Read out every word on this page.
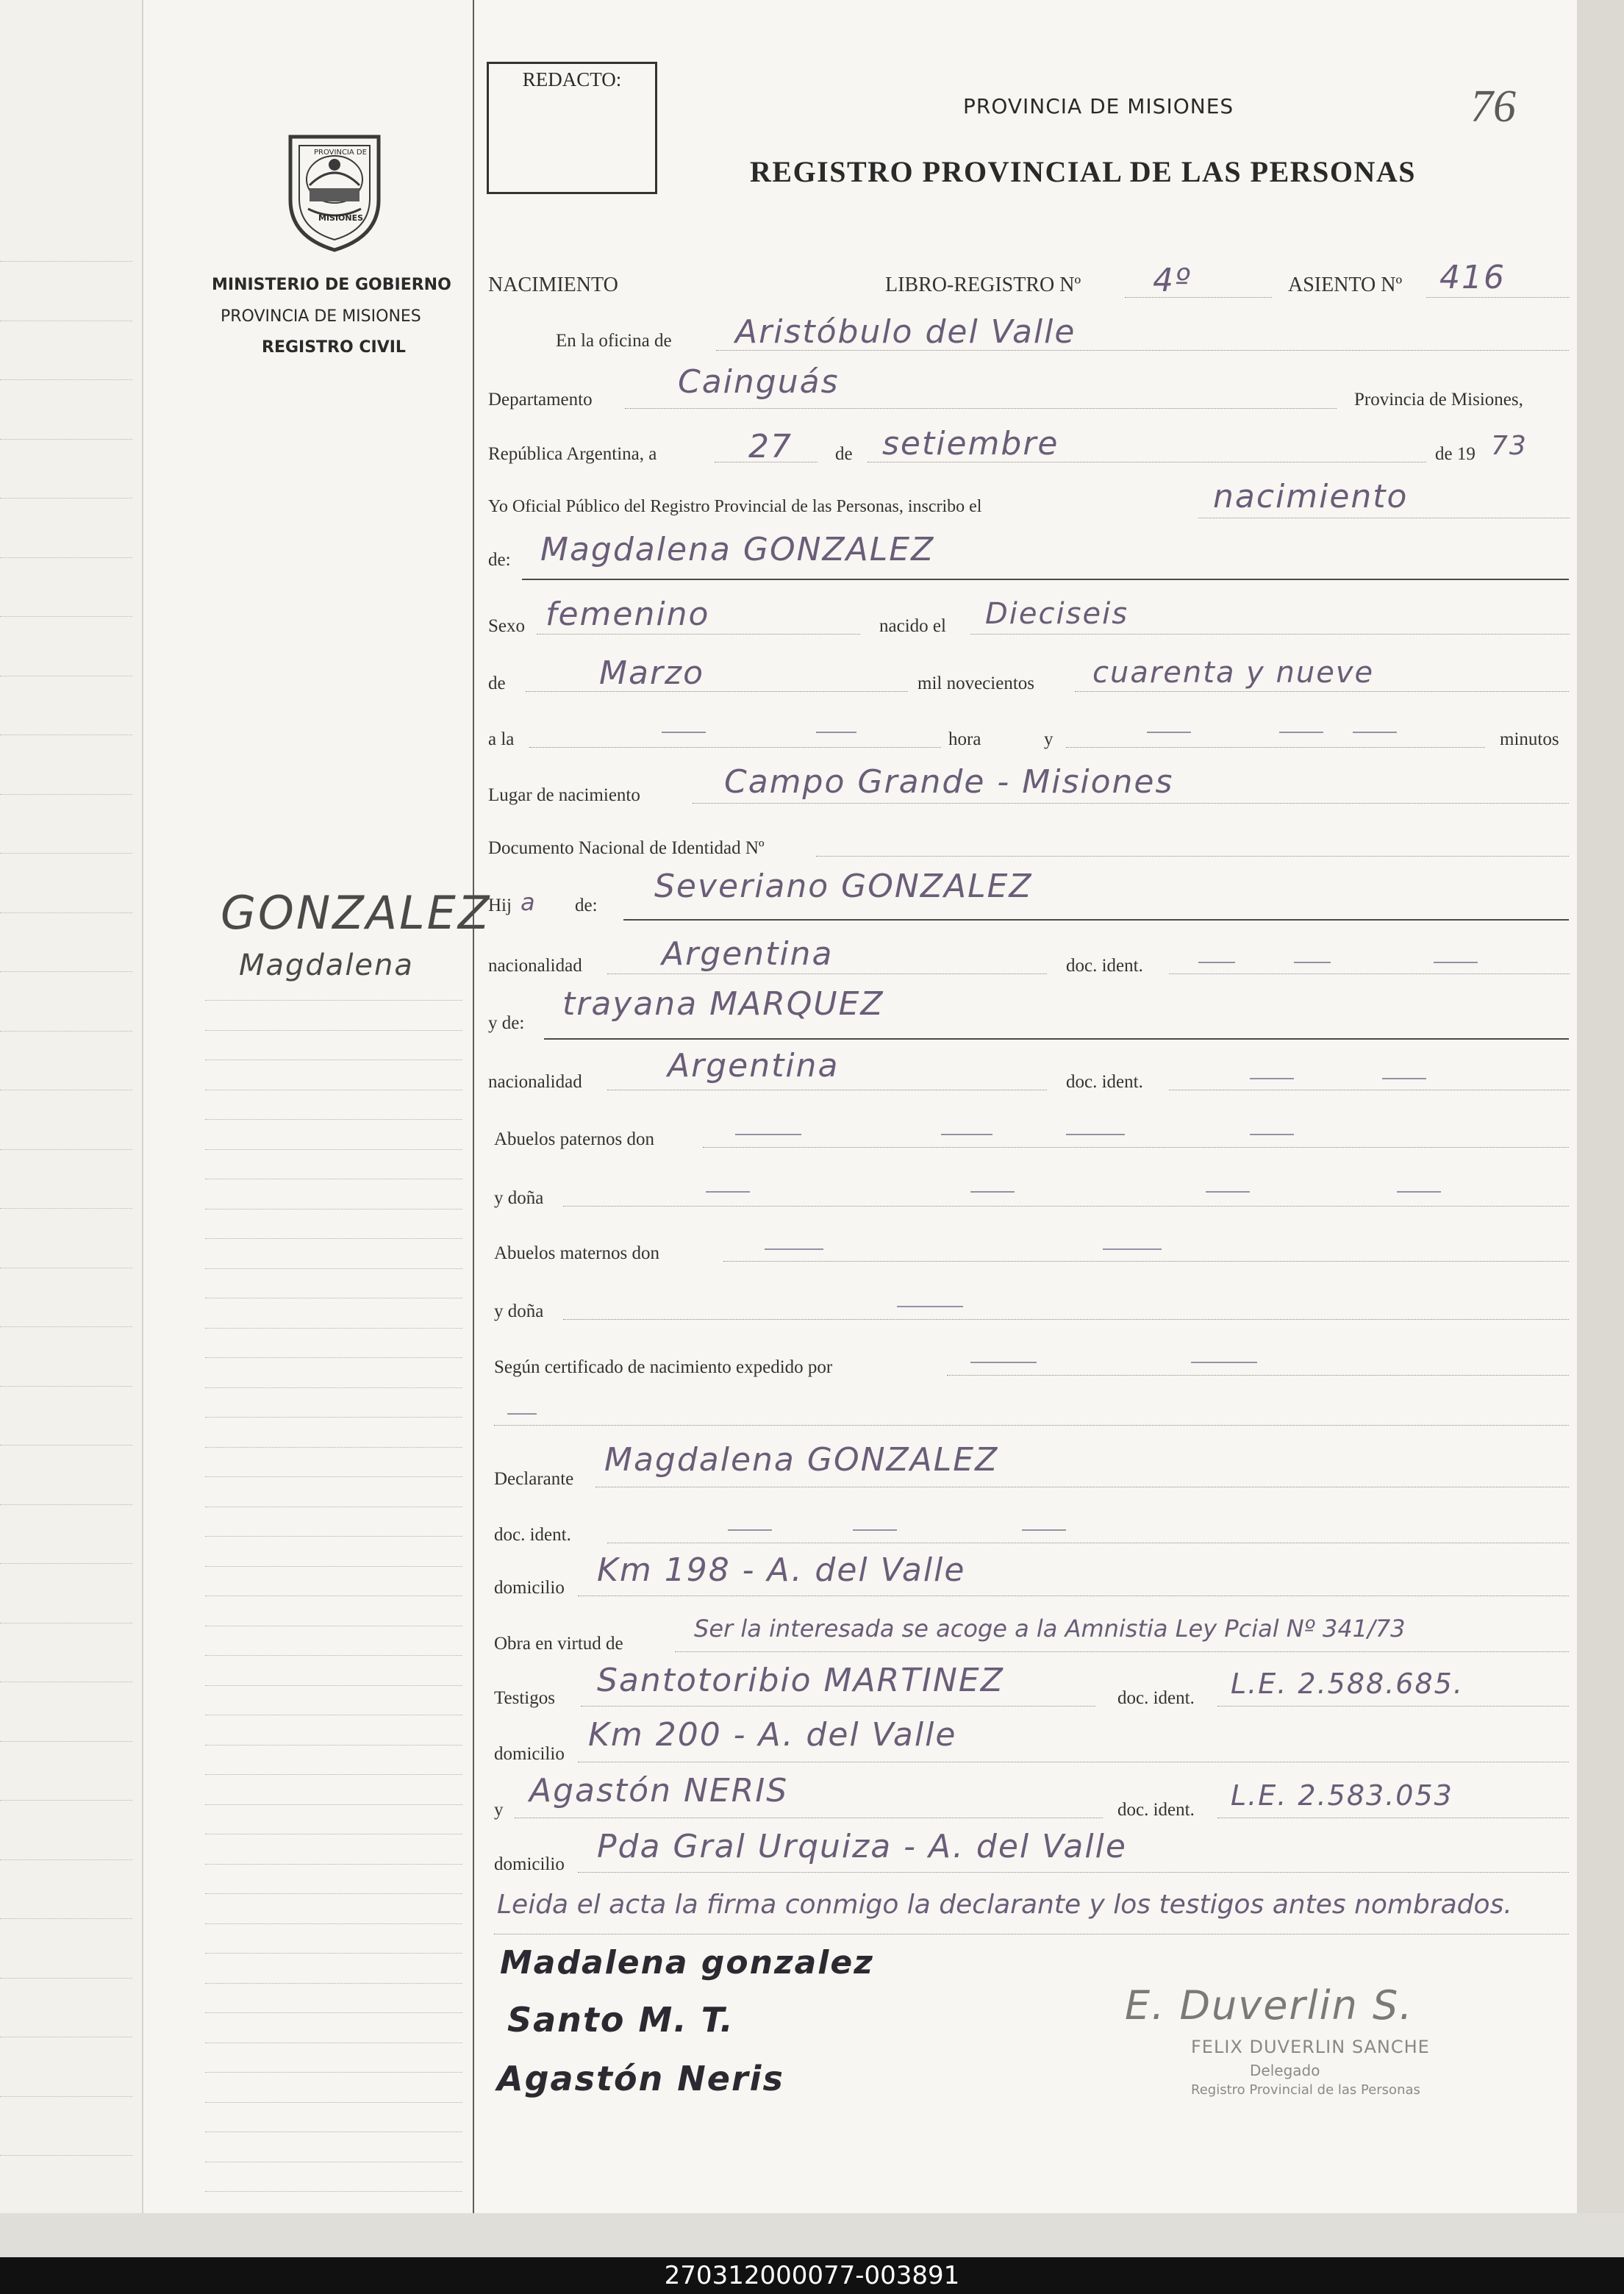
REDACTO:
PROVINCIA DE MISIONES	76
REGISTRO PROVINCIAL DE LAS PERSONAS
PROVINCIA DE
MISIONES
MINISTERIO DE GOBIERNO
PROVINCIA DE MISIONES
REGISTRO CIVIL
GONZALEZ
Magdalena
NACIMIENTO	LIBRO-REGISTRO Nº 4º	ASIENTO Nº 416
En la oficina de Aristóbulo del Valle
Departamento	Cainguás	Provincia de Misiones,
República Argentina, a	27 de setiembre	de 19 73
Yo Oficial Público del Registro Provincial de las Personas, inscribo el	nacimiento
de: Magdalena GONZALEZ
Sexo femenino	nacido el Dieciseis
de	Marzo	mil novecientos cuarenta y nueve
a la	hora	y	minutos
Lugar de nacimiento	Campo Grande - Misiones
Documento Nacional de Identidad Nº
Hij a de:
Severiano GONZALEZ
nacionalidad Argentina	doc. ident.
y de:
trayana MARQUEZ
nacionalidad	Argentina	doc. ident.
Abuelos paternos don
y doña
Abuelos maternos don
y doña
Según certificado de nacimiento expedido por
Declarante
Magdalena GONZALEZ
doc. ident.
domicilio Km 198 - A. del Valle
Obra en virtud de
Ser la interesada se acoge a la Amnistia Ley Pcial Nº 341/73
Testigos Santotoribio MARTINEZ	doc. ident. L.E. 2.588.685.
domicilio
Km 200 - A. del Valle
y
Agastón NERIS
doc. ident. L.E. 2.583.053
domicilio Pda Gral Urquiza - A. del Valle
Leida el acta la firma conmigo la declarante y los testigos antes nombrados.
Madalena gonzalez
Santo M. T.
Agastón Neris
E. Duverlin S.
FELIX DUVERLIN SANCHE
Delegado
Registro Provincial de las Personas
270312000077-003891
